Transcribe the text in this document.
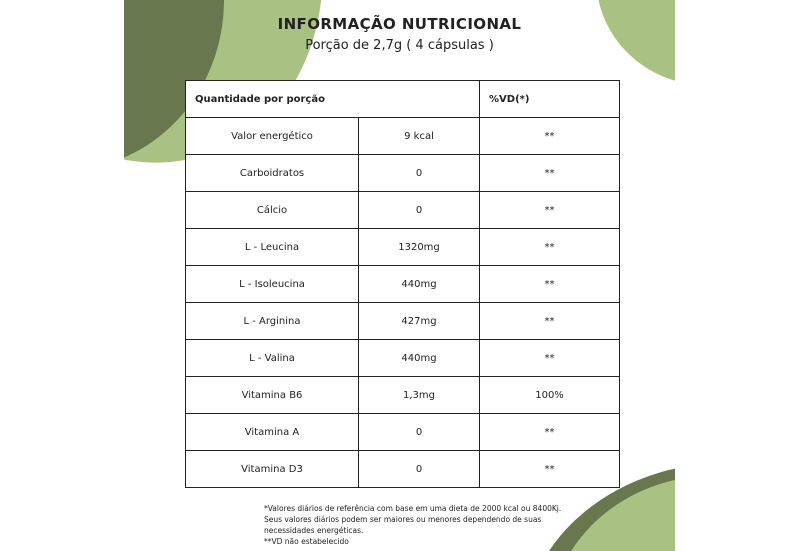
INFORMAÇÃO NUTRICIONAL
Porção de 2,7g ( 4 cápsulas )
Quantidade por porção		%VD(*)
Valor energético	9 kcal	**
Carboidratos	0	**
Cálcio	0	**
L - Leucina	1320mg	**
L - Isoleucina	440mg	**
L - Arginina	427mg	**
L - Valina	440mg	**
Vitamina B6	1,3mg	100%
Vitamina A	0	**
Vitamina D3	0	**
*Valores diários de referência com base em uma dieta de 2000 kcal ou 8400Kj.
Seus valores diários podem ser maiores ou menores dependendo de suas
necessidades energéticas.
**VD não estabelecido
